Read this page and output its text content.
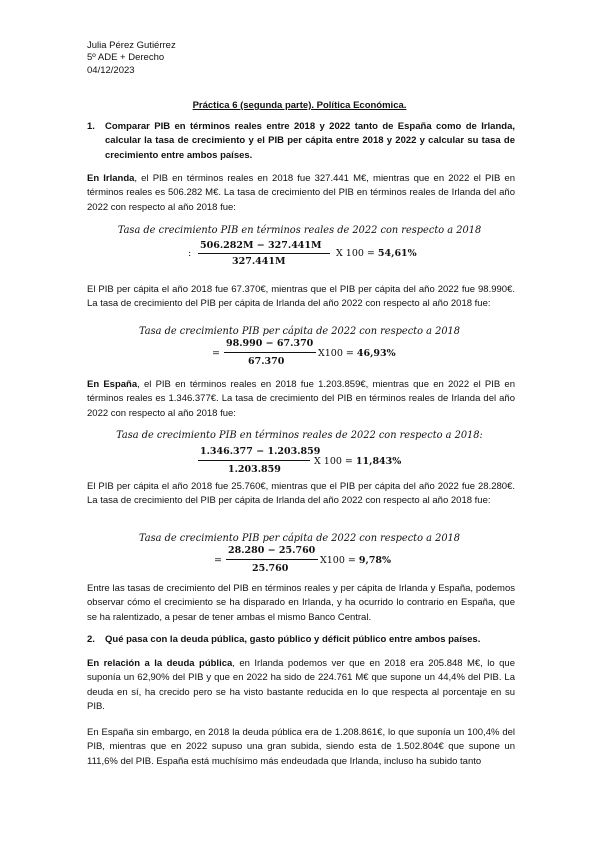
Julia Pérez Gutiérrez
5º ADE + Derecho
04/12/2023
Práctica 6 (segunda parte). Política Económica.
1.	Comparar PIB en términos reales entre 2018 y 2022 tanto de España como de Irlanda, calcular la tasa de crecimiento y el PIB per cápita entre 2018 y 2022 y calcular su tasa de crecimiento entre ambos países.
En Irlanda, el PIB en términos reales en 2018 fue 327.441 M€, mientras que en 2022 el PIB en términos reales es 506.282 M€. La tasa de crecimiento del PIB en términos reales de Irlanda del año 2022 con respecto al año 2018 fue:
Tasa de crecimiento PIB en términos reales de 2022 con respecto a 2018
:
506.282M − 327.441M
327.441M
X 100 = 54,61%
El PIB per cápita el año 2018 fue 67.370€, mientras que el PIB per cápita del año 2022 fue 98.990€. La tasa de crecimiento del PIB per cápita de Irlanda del año 2022 con respecto al año 2018 fue:
Tasa de crecimiento PIB per cápita de 2022 con respecto a 2018
=
98.990 − 67.370
67.370
X100 = 46,93%
En España, el PIB en términos reales en 2018 fue 1.203.859€, mientras que en 2022 el PIB en términos reales es 1.346.377€. La tasa de crecimiento del PIB en términos reales de Irlanda del año 2022 con respecto al año 2018 fue:
Tasa de crecimiento PIB en términos reales de 2022 con respecto a 2018:
1.346.377 − 1.203.859
1.203.859
X 100 = 11,843%
El PIB per cápita el año 2018 fue 25.760€, mientras que el PIB per cápita del año 2022 fue 28.280€. La tasa de crecimiento del PIB per cápita de Irlanda del año 2022 con respecto al año 2018 fue:
Tasa de crecimiento PIB per cápita de 2022 con respecto a 2018
=
28.280 − 25.760
25.760
X100 = 9,78%
Entre las tasas de crecimiento del PIB en términos reales y per cápita de Irlanda y España, podemos observar cómo el crecimiento se ha disparado en Irlanda, y ha ocurrido lo contrario en España, que se ha ralentizado, a pesar de tener ambas el mismo Banco Central.
2.	Qué pasa con la deuda pública, gasto público y déficit público entre ambos países.
En relación a la deuda pública, en Irlanda podemos ver que en 2018 era 205.848 M€, lo que suponía un 62,90% del PIB y que en 2022 ha sido de 224.761 M€ que supone un 44,4% del PIB. La deuda en sí, ha crecido pero se ha visto bastante reducida en lo que respecta al porcentaje en su PIB.
En España sin embargo, en 2018 la deuda pública era de 1.208.861€, lo que suponía un 100,4% del PIB, mientras que en 2022 supuso una gran subida, siendo esta de 1.502.804€ que supone un 111,6% del PIB. España está muchísimo más endeudada que Irlanda, incluso ha subido tanto
